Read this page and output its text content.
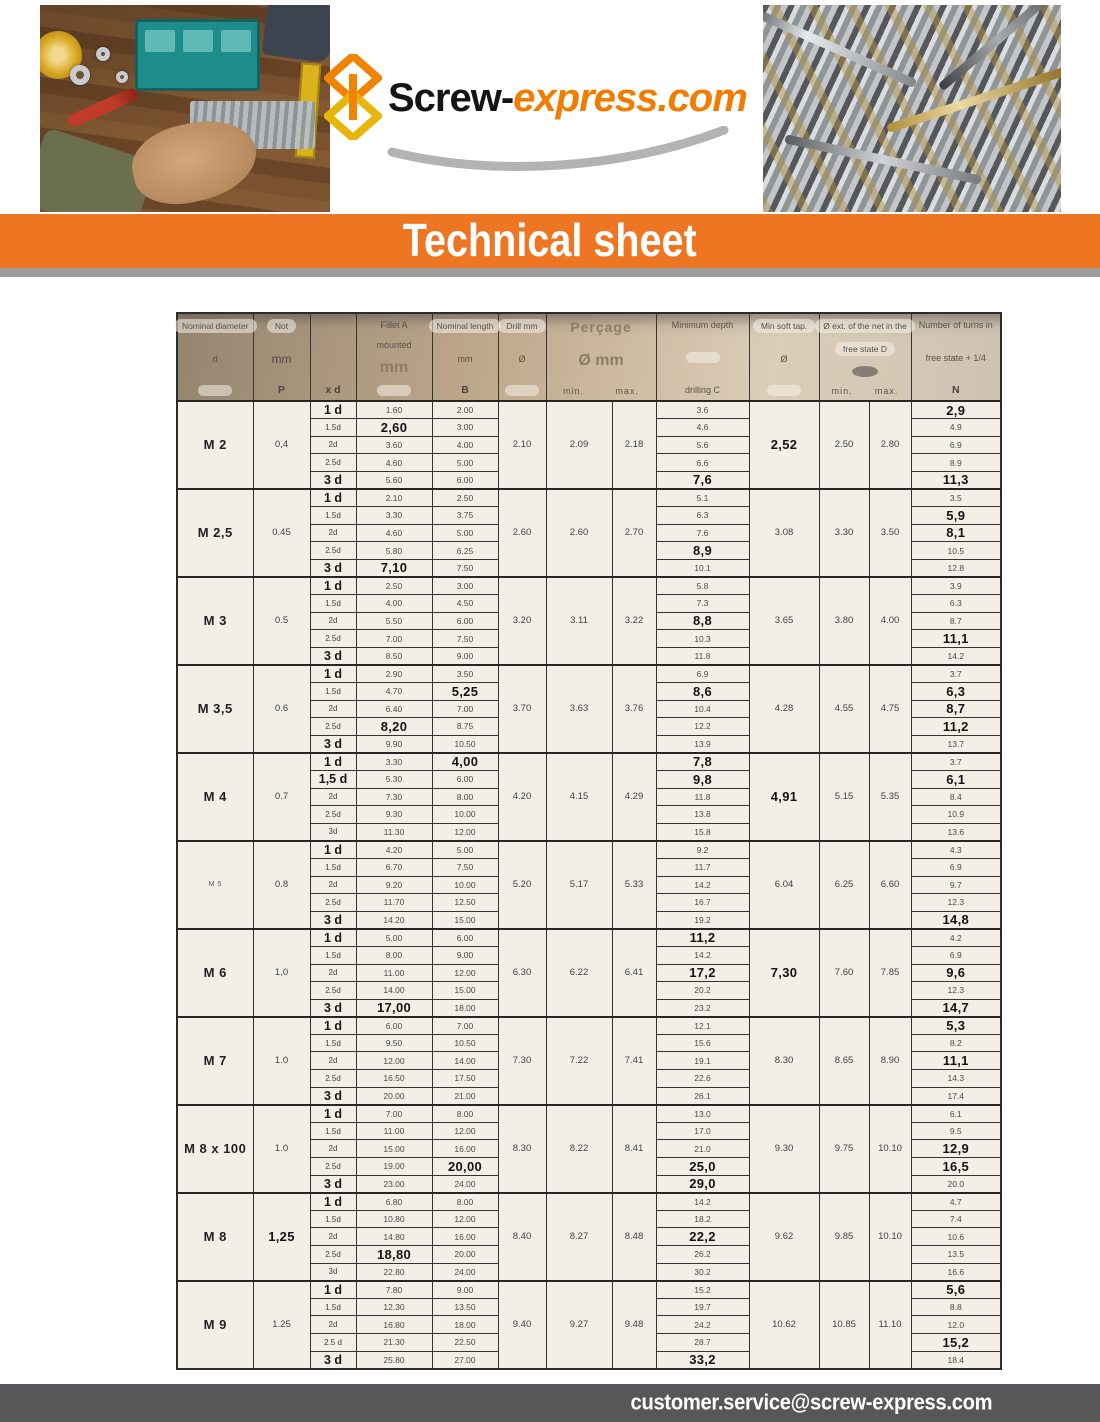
Screw-express.com
Technical sheet
Nominal diameter
d	Not
mm
P	x d	Fillet A
mounted
mm	Nominal length
mm
B	Drill mm
Ø	Perçage
Ø mm
min. max.		Minimum depth
drilling C	Min soft tap.
Ø	Ø ext. of the net in the
free state D
min. max.		Number of turns in
free state + 1/4
N

M 2	0,4	1 d	1.60	2.00	2.10	2.09	2.18	3.6	2,52	2.50	2.80	2,9
		1.5d	2,60	3.00				4.6				4.9
		2d	3.60	4.00				5.6				6.9
		2.5d	4.60	5.00				6.6				8.9
		3 d	5.60	6.00				7,6				11,3
M 2,5	0.45	1 d	2.10	2.50	2.60	2.60	2.70	5.1	3.08	3.30	3.50	3.5
		1.5d	3.30	3.75				6.3				5,9
		2d	4.60	5.00				7.6				8,1
		2.5d	5.80	6.25				8,9				10.5
		3 d	7,10	7.50				10.1				12.8
M 3	0.5	1 d	2.50	3.00	3.20	3.11	3.22	5.8	3.65	3.80	4.00	3.9
		1.5d	4.00	4.50				7.3				6.3
		2d	5.50	6.00				8,8				8.7
		2.5d	7.00	7.50				10.3				11,1
		3 d	8.50	9.00				11.8				14.2
M 3,5	0.6	1 d	2.90	3.50	3.70	3.63	3.76	6.9	4.28	4.55	4.75	3.7
		1.5d	4.70	5,25				8,6				6,3
		2d	6.40	7.00				10.4				8,7
		2.5d	8,20	8.75				12.2				11,2
		3 d	9.90	10.50				13.9				13.7
M 4	0.7	1 d	3.30	4,00	4.20	4.15	4.29	7,8	4,91	5.15	5.35	3.7
		1,5 d	5.30	6.00				9,8				6,1
		2d	7.30	8.00				11.8				8.4
		2.5d	9.30	10.00				13.8				10.9
		3d	11.30	12.00				15.8				13.6
M 5	0.8	1 d	4.20	5.00	5.20	5.17	5.33	9.2	6.04	6.25	6.60	4.3
		1.5d	6.70	7.50				11.7				6.9
		2d	9.20	10.00				14.2				9.7
		2.5d	11.70	12.50				16.7				12.3
		3 d	14.20	15.00				19.2				14,8
M 6	1,0	1 d	5.00	6.00	6.30	6.22	6.41	11,2	7,30	7.60	7.85	4.2
		1.5d	8.00	9.00				14.2				6.9
		2d	11.00	12.00				17,2				9,6
		2.5d	14.00	15.00				20.2				12.3
		3 d	17,00	18.00				23.2				14,7
M 7	1.0	1 d	6.00	7.00	7.30	7.22	7.41	12.1	8.30	8.65	8.90	5,3
		1.5d	9.50	10.50				15.6				8.2
		2d	12.00	14.00				19.1				11,1
		2.5d	16.50	17.50				22.6				14.3
		3 d	20.00	21.00				26.1				17.4
M 8 x 100	1.0	1 d	7.00	8.00	8.30	8.22	8.41	13.0	9.30	9.75	10.10	6.1
		1.5d	11.00	12.00				17.0				9.5
		2d	15.00	16.00				21.0				12,9
		2.5d	19.00	20,00				25,0				16,5
		3 d	23.00	24.00				29,0				20.0
M 8	1,25	1 d	6.80	8.00	8.40	8.27	8.48	14.2	9.62	9.85	10.10	4.7
		1.5d	10.80	12.00				18.2				7.4
		2d	14.80	16.00				22,2				10.6
		2.5d	18,80	20.00				26.2				13.5
		3d	22.80	24.00				30.2				16.6
M 9	1.25	1 d	7.80	9.00	9.40	9.27	9.48	15.2	10.62	10.85	11.10	5,6
		1.5d	12.30	13.50				19.7				8.8
		2d	16.80	18.00				24.2				12.0
		2.5 d	21.30	22.50				28.7				15,2
		3 d	25.80	27.00				33,2				18.4
customer.service@screw-express.com
